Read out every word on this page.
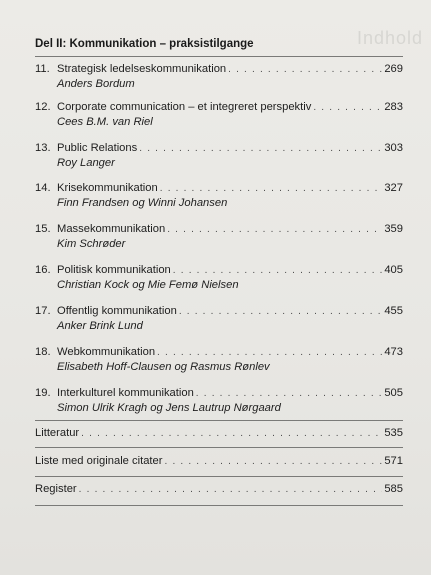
Indhold
Del II: Kommunikation – praksistilgange
11. Strategisk ledelseskommunikation . . .	269
Anders Bordum
12. Corporate communication – et integreret perspektiv . . .	283
Cees B.M. van Riel
13. Public Relations . . .	303
Roy Langer
14. Krisekommunikation . . .	327
Finn Frandsen og Winni Johansen
15. Massekommunikation . . .	359
Kim Schrøder
16. Politisk kommunikation . . .	405
Christian Kock og Mie Femø Nielsen
17. Offentlig kommunikation . . .	455
Anker Brink Lund
18. Webkommunikation . . .	473
Elisabeth Hoff-Clausen og Rasmus Rønlev
19. Interkulturel kommunikation . . .	505
Simon Ulrik Kragh og Jens Lautrup Nørgaard
Litteratur . . .	535
Liste med originale citater . . .	571
Register . . .	585
